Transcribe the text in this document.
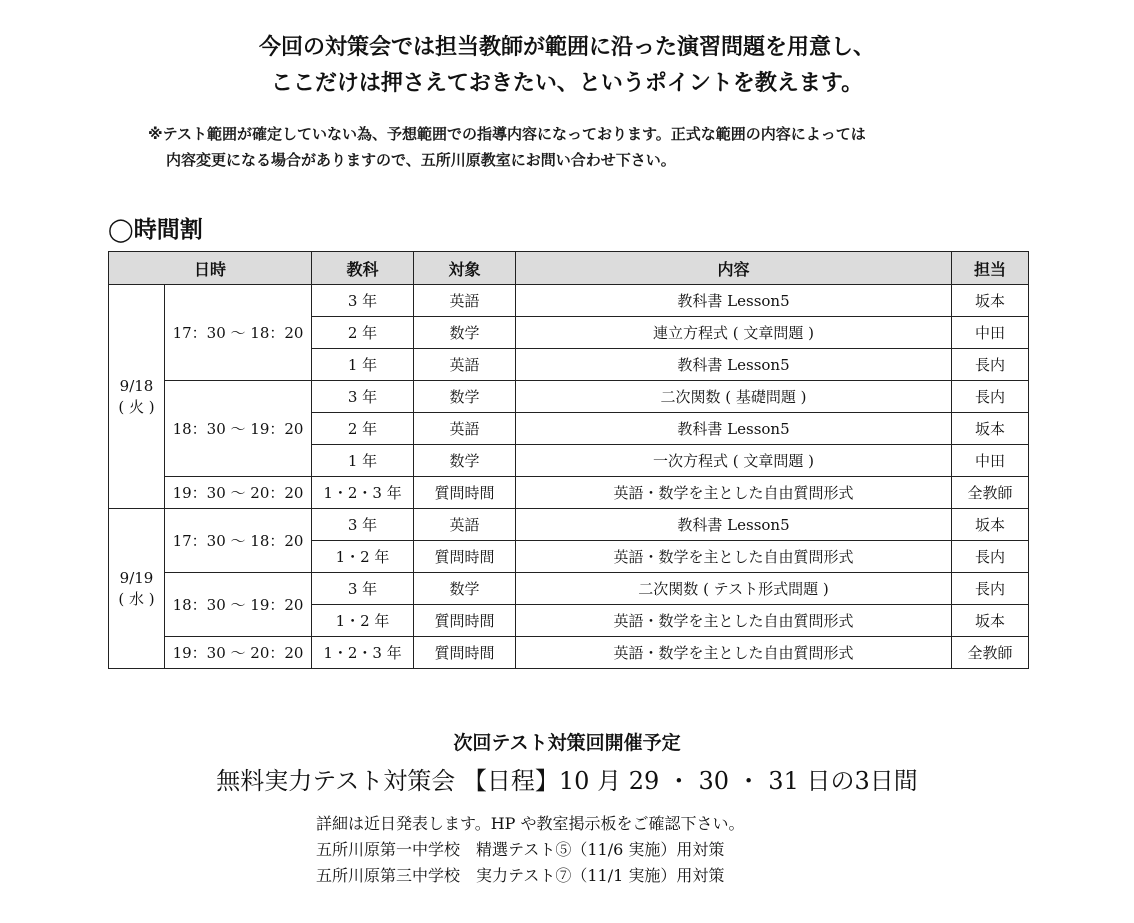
今回の対策会では担当教師が範囲に沿った演習問題を用意し、
ここだけは押さえておきたい、というポイントを教えます。
※テスト範囲が確定していない為、予想範囲での指導内容になっております。正式な範囲の内容によっては
内容変更になる場合がありますので、五所川原教室にお問い合わせ下さい。
◯時間割
日時		教科	対象	内容	担当

9/18
( 火 )	17：30 ～ 18：20	3 年	英語	教科書 Lesson5	坂本
		2 年	数学	連立方程式 ( 文章問題 )	中田
		1 年	英語	教科書 Lesson5	長内
	18：30 ～ 19：20	3 年	数学	二次関数 ( 基礎問題 )	長内
		2 年	英語	教科書 Lesson5	坂本
		1 年	数学	一次方程式 ( 文章問題 )	中田
	19：30 ～ 20：20	1・2・3 年	質問時間	英語・数学を主とした自由質問形式	全教師

9/19
( 水 )	17：30 ～ 18：20	3 年	英語	教科書 Lesson5	坂本
		1・2 年	質問時間	英語・数学を主とした自由質問形式	長内
	18：30 ～ 19：20	3 年	数学	二次関数 ( テスト形式問題 )	長内
		1・2 年	質問時間	英語・数学を主とした自由質問形式	坂本
	19：30 ～ 20：20	1・2・3 年	質問時間	英語・数学を主とした自由質問形式	全教師
次回テスト対策回開催予定
無料実力テスト対策会 【日程】10 月 29 ・ 30 ・ 31 日の3日間
詳細は近日発表します。HP や教室掲示板をご確認下さい。
五所川原第一中学校　精選テスト⑤（11/6 実施）用対策
五所川原第三中学校　実力テスト⑦（11/1 実施）用対策
